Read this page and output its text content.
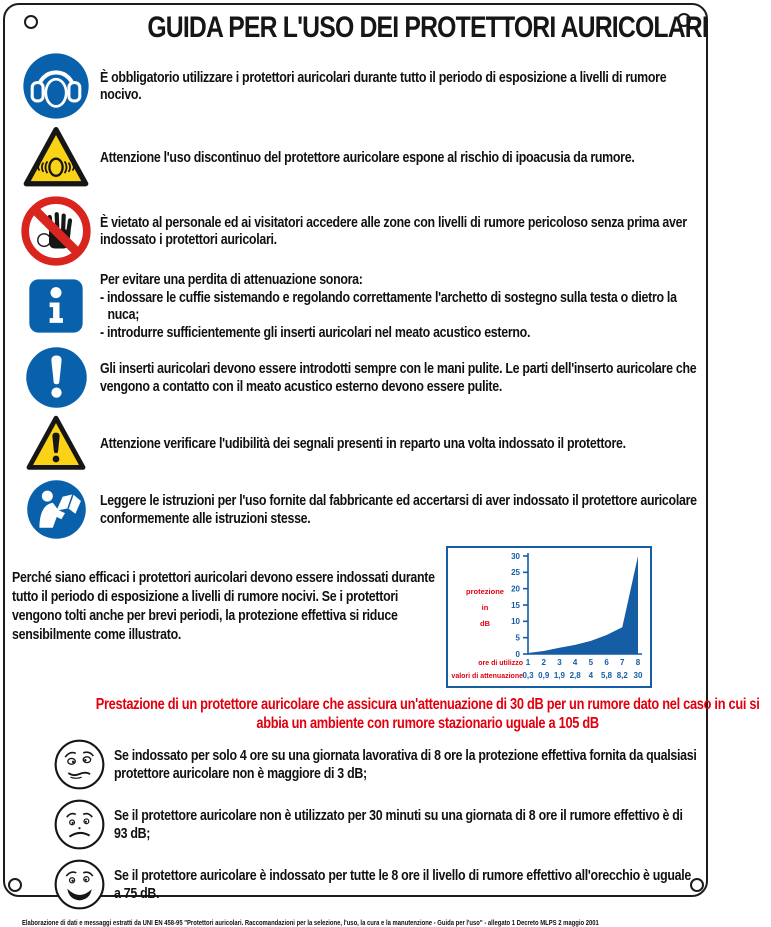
GUIDA PER L'USO DEI PROTETTORI AURICOLARI
È obbligatorio utilizzare i protettori auricolari durante tutto il periodo di esposizione a livelli di rumore nocivo.
Attenzione l'uso discontinuo del protettore auricolare espone al rischio di ipoacusia da rumore.
È vietato al personale ed ai visitatori accedere alle zone con livelli di rumore pericoloso senza prima aver indossato i protettori auricolari.
Per evitare una perdita di attenuazione sonora:
- indossare le cuffie sistemando e regolando correttamente l'archetto di sostegno sulla testa o dietro la nuca;
- introdurre sufficientemente gli inserti auricolari nel meato acustico esterno.
Gli inserti auricolari devono essere introdotti sempre con le mani pulite. Le parti dell'inserto auricolare che vengono a contatto con il meato acustico esterno devono essere pulite.
Attenzione verificare l'udibilità dei segnali presenti in reparto una volta indossato il protettore.
Leggere le istruzioni per l'uso fornite dal fabbricante ed accertarsi di aver indossato il protettore auricolare conformemente alle istruzioni stesse.
Perché siano efficaci i protettori auricolari devono essere indossati durante tutto il periodo di esposizione a livelli di rumore nocivi. Se i protettori vengono tolti anche per brevi periodi, la protezione effettiva si riduce sensibilmente come illustrato.
0
5
10
15
20
25
30
1 2 3 4 5 6 7 8
0,3 0,9 1,9 2,8 4 5,8 8,2 30
ore di utilizzo
valori di attenuazione
protezione
in
dB
Prestazione di un protettore auricolare che assicura un'attenuazione di 30 dB per un rumore dato nel caso in cui si abbia un ambiente con rumore stazionario uguale a 105 dB
Se indossato per solo 4 ore su una giornata lavorativa di 8 ore la protezione effettiva fornita da qualsiasi protettore auricolare non è maggiore di 3 dB;
Se il protettore auricolare non è utilizzato per 30 minuti su una giornata di 8 ore il rumore effettivo è di 93 dB;
Se il protettore auricolare è indossato per tutte le 8 ore il livello di rumore effettivo all'orecchio è uguale a 75 dB.
Elaborazione di dati e messaggi estratti da UNI EN 458-95 "Protettori auricolari. Raccomandazioni per la selezione, l'uso, la cura e la manutenzione - Guida per l'uso" - allegato 1 Decreto MLPS 2 maggio 2001
